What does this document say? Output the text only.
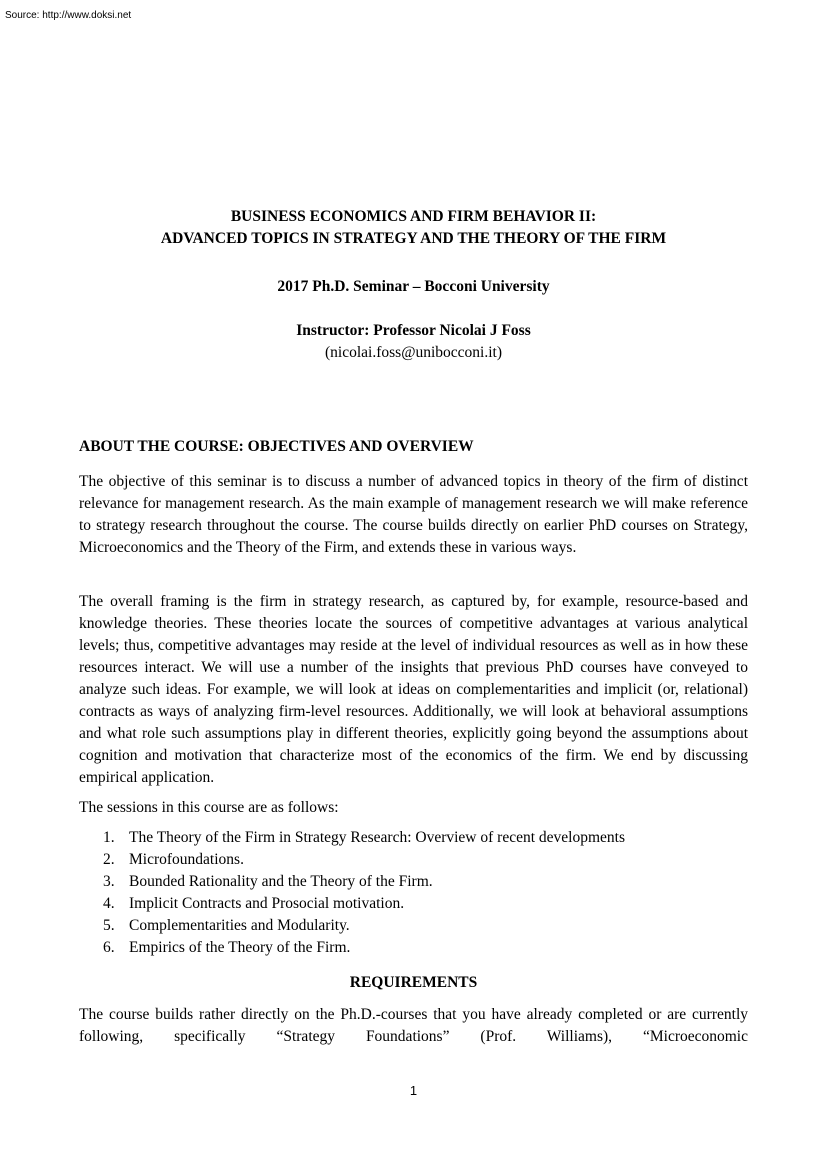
Source: http://www.doksi.net
BUSINESS ECONOMICS AND FIRM BEHAVIOR II:
ADVANCED TOPICS IN STRATEGY AND THE THEORY OF THE FIRM
2017 Ph.D. Seminar – Bocconi University
Instructor: Professor Nicolai J Foss
(nicolai.foss@unibocconi.it)
ABOUT THE COURSE: OBJECTIVES AND OVERVIEW

The objective of this seminar is to discuss a number of advanced topics in theory of the firm of distinct relevance for management research. As the main example of management research we will make reference to strategy research throughout the course. The course builds directly on earlier PhD courses on Strategy, Microeconomics and the Theory of the Firm, and extends these in various ways.

The overall framing is the firm in strategy research, as captured by, for example, resource-based and knowledge theories. These theories locate the sources of competitive advantages at various analytical levels; thus, competitive advantages may reside at the level of individual resources as well as in how these resources interact. We will use a number of the insights that previous PhD courses have conveyed to analyze such ideas. For example, we will look at ideas on complementarities and implicit (or, relational) contracts as ways of analyzing firm-level resources. Additionally, we will look at behavioral assumptions and what role such assumptions play in different theories, explicitly going beyond the assumptions about cognition and motivation that characterize most of the economics of the firm. We end by discussing empirical application.

The sessions in this course are as follows:

1. The Theory of the Firm in Strategy Research: Overview of recent developments
2. Microfoundations.
3. Bounded Rationality and the Theory of the Firm.
4. Implicit Contracts and Prosocial motivation.
5. Complementarities and Modularity.
6. Empirics of the Theory of the Firm.
REQUIREMENTS

The course builds rather directly on the Ph.D.-courses that you have already completed or are currently following, specifically “Strategy Foundations” (Prof. Williams), “Microeconomic

1
